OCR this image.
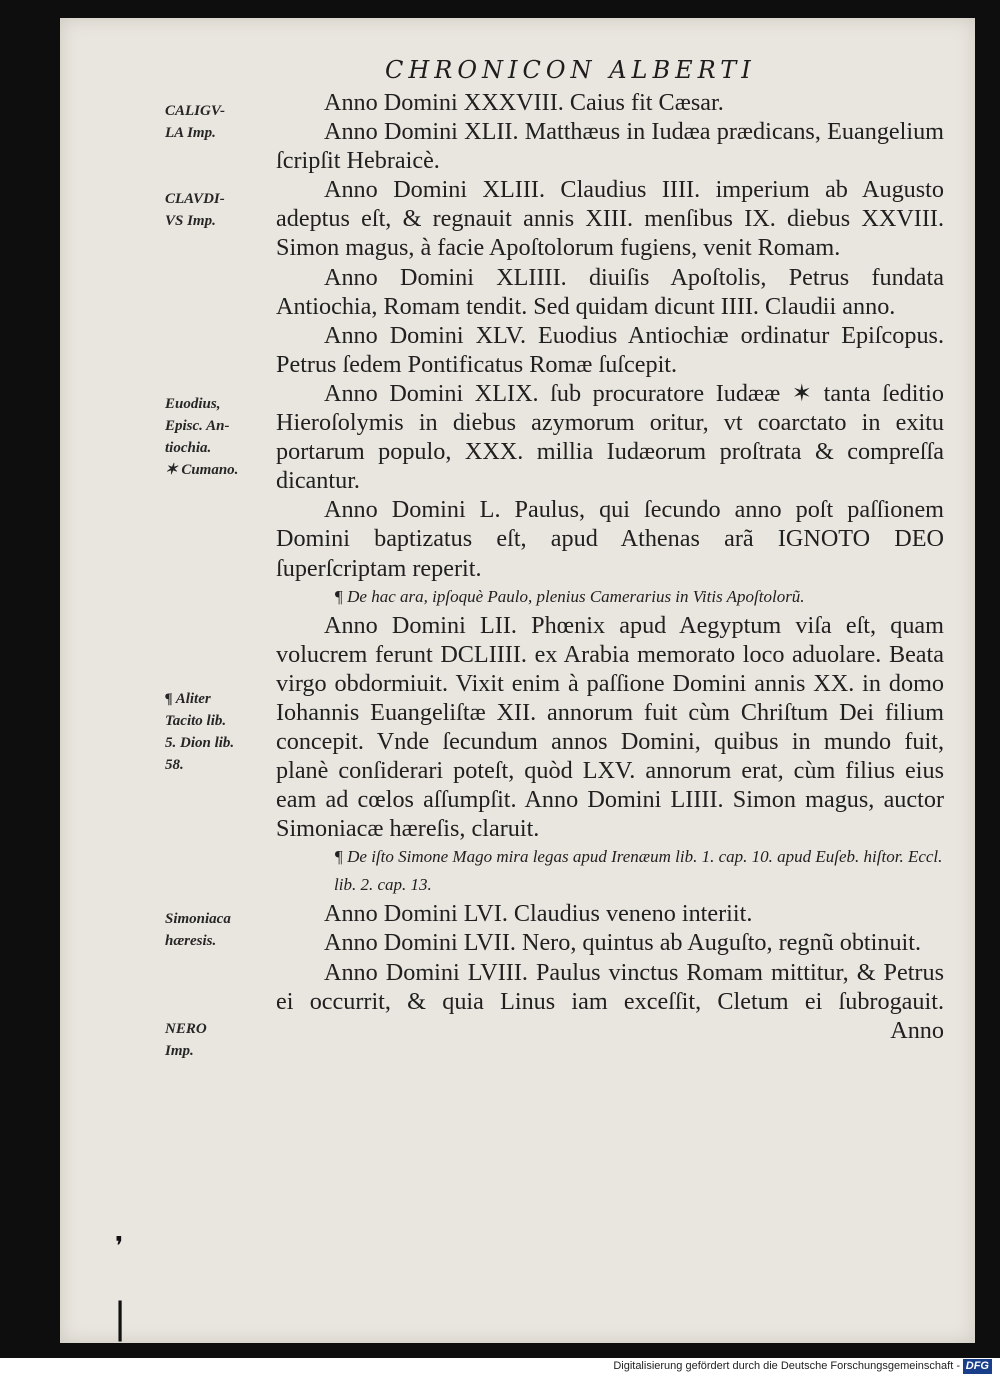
CHRONICON ALBERTI
CALIGV-
LA Imp.
CLAVDI-
VS Imp.
Euodius,
Episc. An-
tiochia.
✶ Cumano.
¶ Aliter
Tacito lib.
5. Dion lib.
58.
Simoniaca
hæresis.
NERO
Imp.

Anno Domini XXXVIII. Caius fit Cæsar.

Anno Domini XLII. Matthæus in Iudæa prædicans, Euangelium ſcripſit Hebraicè.

Anno Domini XLIII. Claudius IIII. imperium ab Augusto adeptus eſt, & regnauit annis XIII. menſibus IX. diebus XXVIII. Simon magus, à facie Apoſtolorum fugiens, venit Romam.

Anno Domini XLIIII. diuiſis Apoſtolis, Petrus fundata Antiochia, Romam tendit. Sed quidam dicunt IIII. Claudii anno.

Anno Domini XLV. Euodius Antiochiæ ordinatur Epiſcopus. Petrus ſedem Pontificatus Romæ ſuſcepit.

Anno Domini XLIX. ſub procuratore Iudææ ✶ tanta ſeditio Hieroſolymis in diebus azymorum oritur, vt coarctato in exitu portarum populo, XXX. millia Iudæorum proſtrata & compreſſa dicantur.

Anno Domini L. Paulus, qui ſecundo anno poſt paſſionem Domini baptizatus eſt, apud Athenas arã IGNOTO DEO ſuperſcriptam reperit.

¶ De hac ara, ipſoquè Paulo, plenius Camerarius in Vitis Apoſtolorũ.

Anno Domini LII. Phœnix apud Aegyptum viſa eſt, quam volucrem ferunt DCLIIII. ex Arabia memorato loco aduolare. Beata virgo obdormiuit. Vixit enim à paſſione Domini annis XX. in domo Iohannis Euangeliſtæ XII. annorum fuit cùm Chriſtum Dei filium concepit. Vnde ſecundum annos Domini, quibus in mundo fuit, planè conſiderari poteſt, quòd LXV. annorum erat, cùm filius eius eam ad cœlos aſſumpſit. Anno Domini LIIII. Simon magus, auctor Simoniacæ hæreſis, claruit.

¶ De iſto Simone Mago mira legas apud Irenæum lib. 1. cap. 10. apud Euſeb. hiſtor. Eccl. lib. 2. cap. 13.

Anno Domini LVI. Claudius veneno interiit.

Anno Domini LVII. Nero, quintus ab Auguſto, regnũ obtinuit.

Anno Domini LVIII. Paulus vinctus Romam mittitur, & Petrus ei occurrit, & quia Linus iam exceſſit, Cletum ei ſubrogauit.

Anno
❜
|
Digitalisierung gefördert durch die Deutsche Forschungsgemeinschaft - DFG
